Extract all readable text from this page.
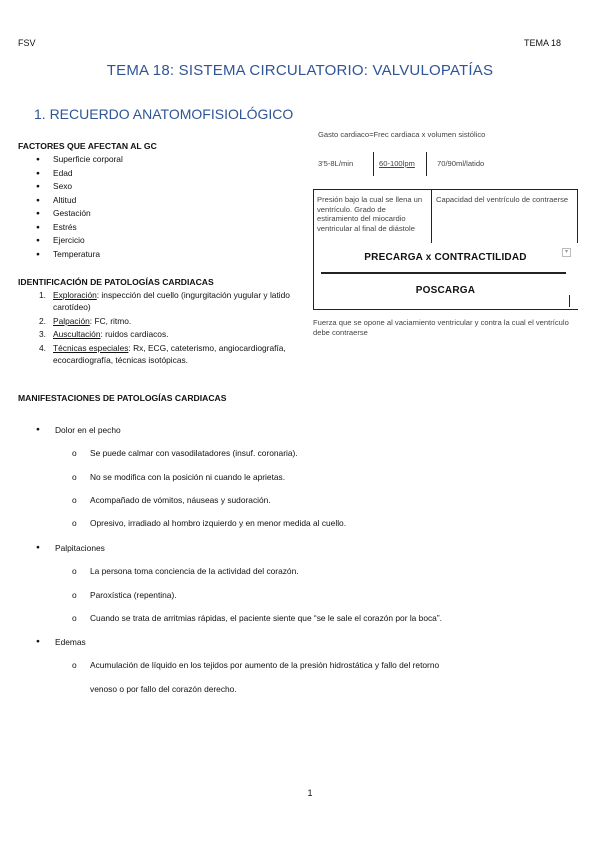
FSV	TEMA 18
TEMA 18: SISTEMA CIRCULATORIO: VALVULOPATÍAS
1. RECUERDO ANATOMOFISIOLÓGICO
FACTORES QUE AFECTAN AL GC
● Superficie corporal
● Edad
● Sexo
● Altitud
● Gestación
● Estrés
● Ejercicio
● Temperatura
Gasto cardiaco=Frec cardiaca x volumen sistólico
3'5-8L/min	60-100lpm	70/90ml/latido
Presión bajo la cual se llena un ventrículo. Grado de estiramiento del miocardio ventricular al final de diástole
Capacidad del ventrículo de contraerse
▾
PRECARGA x CONTRACTILIDAD
POSCARGA
Fuerza que se opone al vaciamiento ventricular y contra la cual el ventrículo debe contraerse
IDENTIFICACIÓN DE PATOLOGÍAS CARDIACAS
1. Exploración: inspección del cuello (ingurgitación yugular y latido carotídeo)
2. Palpación: FC, ritmo.
3. Auscultación: ruidos cardiacos.
4. Técnicas especiales: Rx, ECG, cateterismo, angiocardiografía, ecocardiografía, técnicas isotópicas.
MANIFESTACIONES DE PATOLOGÍAS CARDIACAS
● Dolor en el pecho
o Se puede calmar con vasodilatadores (insuf. coronaria).
o No se modifica con la posición ni cuando le aprietas.
o Acompañado de vómitos, náuseas y sudoración.
o Opresivo, irradiado al hombro izquierdo y en menor medida al cuello.
● Palpitaciones
o La persona toma conciencia de la actividad del corazón.
o Paroxística (repentina).
o Cuando se trata de arritmias rápidas, el paciente siente que “se le sale el corazón por la boca”.
● Edemas
o Acumulación de líquido en los tejidos por aumento de la presión hidrostática y fallo del retorno
venoso o por fallo del corazón derecho.
1
